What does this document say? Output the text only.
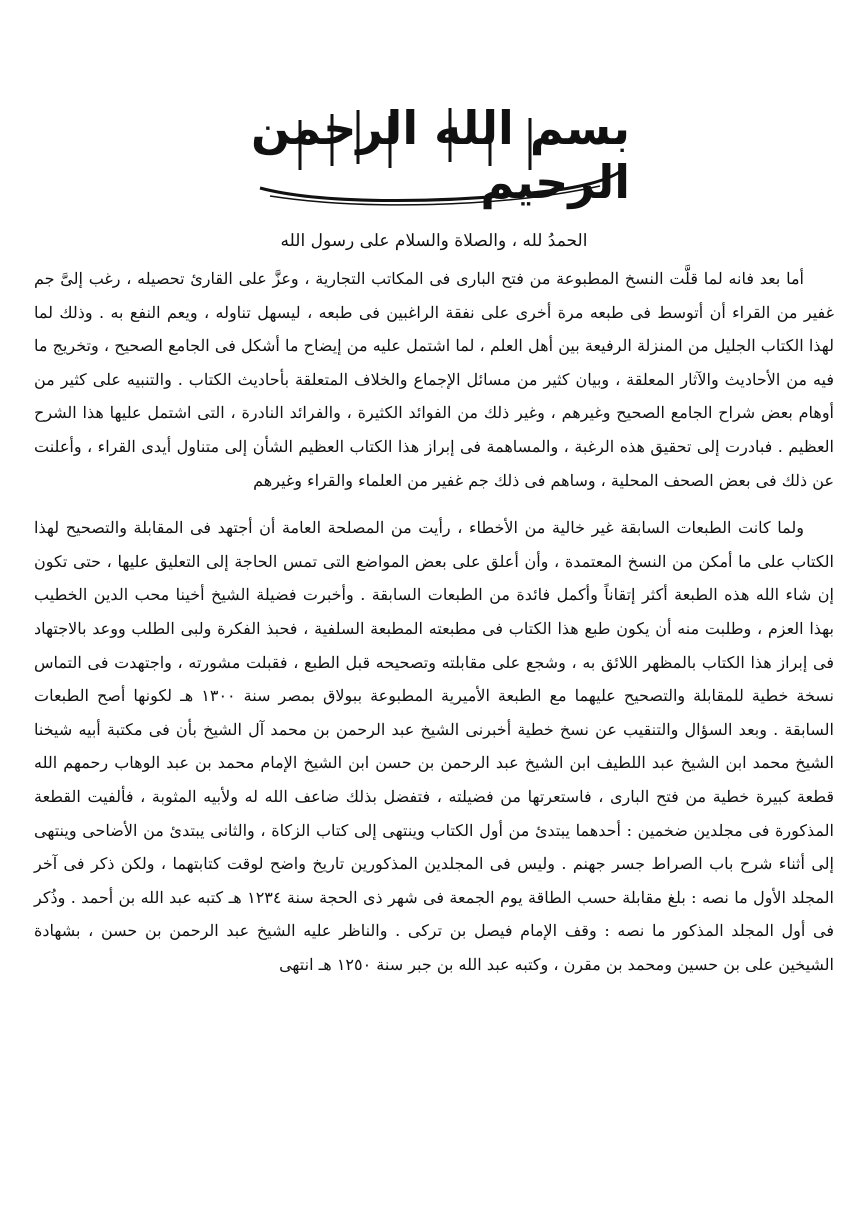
بسم الله الرحمن الرحيم
الحمدُ لله ، والصلاة والسلام على رسول الله

أما بعد فانه لما قلَّت النسخ المطبوعة من فتح البارى فى المكاتب التجارية ، وعزَّ على القارئ تحصيله ، رغب إلىَّ جم غفير من القراء أن أتوسط فى طبعه مرة أخرى على نفقة الراغبين فى طبعه ، ليسهل تناوله ، ويعم النفع به . وذلك لما لهذا الكتاب الجليل من المنزلة الرفيعة بين أهل العلم ، لما اشتمل عليه من إيضاح ما أشكل فى الجامع الصحيح ، وتخريج ما فيه من الأحاديث والآثار المعلقة ، وبيان كثير من مسائل الإجماع والخلاف المتعلقة بأحاديث الكتاب . والتنبيه على كثير من أوهام بعض شراح الجامع الصحيح وغيرهم ، وغير ذلك من الفوائد الكثيرة ، والفرائد النادرة ، التى اشتمل عليها هذا الشرح العظيم . فبادرت إلى تحقيق هذه الرغبة ، والمساهمة فى إبراز هذا الكتاب العظيم الشأن إلى متناول أيدى القراء ، وأعلنت عن ذلك فى بعض الصحف المحلية ، وساهم فى ذلك جم غفير من العلماء والقراء وغيرهم

ولما كانت الطبعات السابقة غير خالية من الأخطاء ، رأيت من المصلحة العامة أن أجتهد فى المقابلة والتصحيح لهذا الكتاب على ما أمكن من النسخ المعتمدة ، وأن أعلق على بعض المواضع التى تمس الحاجة إلى التعليق عليها ، حتى تكون إن شاء الله هذه الطبعة أكثر إتقاناً وأكمل فائدة من الطبعات السابقة . وأخبرت فضيلة الشيخ أخينا محب الدين الخطيب بهذا العزم ، وطلبت منه أن يكون طبع هذا الكتاب فى مطبعته المطبعة السلفية ، فحبذ الفكرة ولبى الطلب ووعد بالاجتهاد فى إبراز هذا الكتاب بالمظهر اللائق به ، وشجع على مقابلته وتصحيحه قبل الطبع ، فقبلت مشورته ، واجتهدت فى التماس نسخة خطية للمقابلة والتصحيح عليهما مع الطبعة الأميرية المطبوعة ببولاق بمصر سنة ١٣٠٠ هـ لكونها أصح الطبعات السابقة . وبعد السؤال والتنقيب عن نسخ خطية أخبرنى الشيخ عبد الرحمن بن محمد آل الشيخ بأن فى مكتبة أبيه شيخنا الشيخ محمد ابن الشيخ عبد اللطيف ابن الشيخ عبد الرحمن بن حسن ابن الشيخ الإمام محمد بن عبد الوهاب رحمهم الله قطعة كبيرة خطية من فتح البارى ، فاستعرتها من فضيلته ، فتفضل بذلك ضاعف الله له ولأبيه المثوبة ، فألفيت القطعة المذكورة فى مجلدين ضخمين : أحدهما يبتدئ من أول الكتاب وينتهى إلى كتاب الزكاة ، والثانى يبتدئ من الأضاحى وينتهى إلى أثناء شرح باب الصراط جسر جهنم . وليس فى المجلدين المذكورين تاريخ واضح لوقت كتابتهما ، ولكن ذكر فى آخر المجلد الأول ما نصه : بلغ مقابلة حسب الطاقة يوم الجمعة فى شهر ذى الحجة سنة ١٢٣٤ هـ كتبه عبد الله بن أحمد . وذُكر فى أول المجلد المذكور ما نصه : وقف الإمام فيصل بن تركى . والناظر عليه الشيخ عبد الرحمن بن حسن ، بشهادة الشيخين على بن حسين ومحمد بن مقرن ، وكتبه عبد الله بن جبر سنة ١٢٥٠ هـ انتهى
